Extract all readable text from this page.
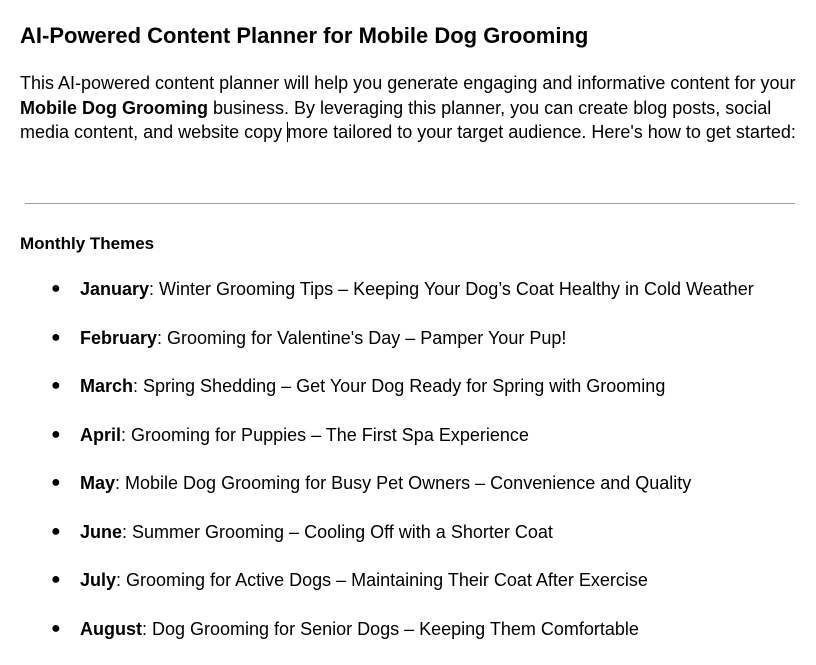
AI-Powered Content Planner for Mobile Dog Grooming

This AI-powered content planner will help you generate engaging and informative content for your Mobile Dog Grooming business. By leveraging this planner, you can create blog posts, social media content, and website copy more tailored to your target audience. Here's how to get started:

Monthly Themes
● January: Winter Grooming Tips – Keeping Your Dog’s Coat Healthy in Cold Weather
● February: Grooming for Valentine's Day – Pamper Your Pup!
● March: Spring Shedding – Get Your Dog Ready for Spring with Grooming
● April: Grooming for Puppies – The First Spa Experience
● May: Mobile Dog Grooming for Busy Pet Owners – Convenience and Quality
● June: Summer Grooming – Cooling Off with a Shorter Coat
● July: Grooming for Active Dogs – Maintaining Their Coat After Exercise
● August: Dog Grooming for Senior Dogs – Keeping Them Comfortable
